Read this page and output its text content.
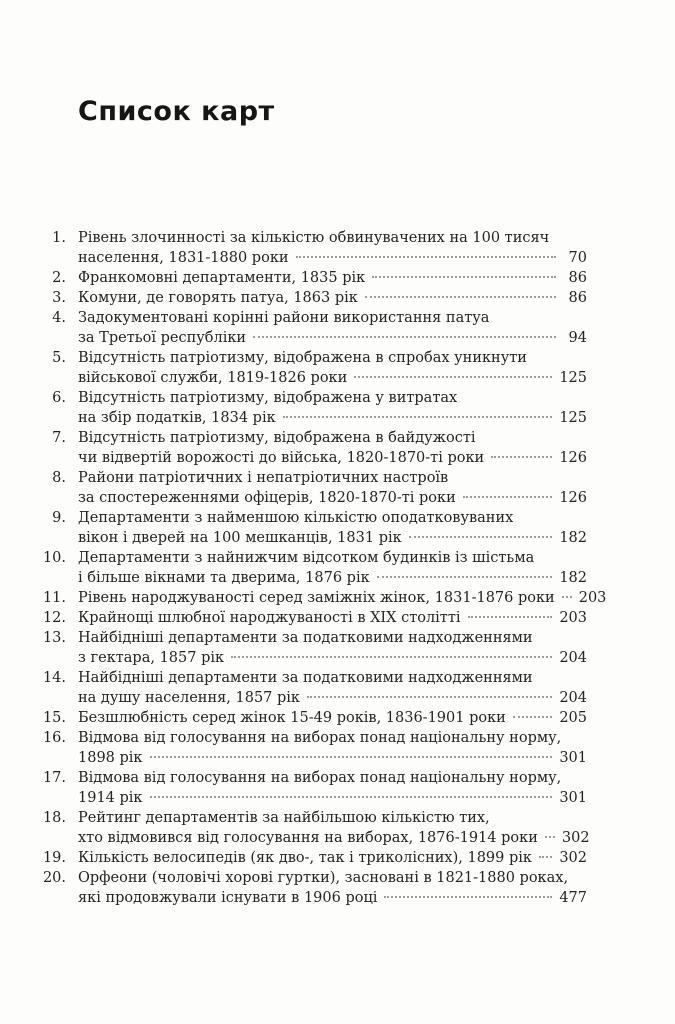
Список карт
1. Рівень злочинності за кількістю обвинувачених на 100 тисяч
населення, 1831-1880 роки	70
2. Франкомовні департаменти, 1835 рік	86
3. Комуни, де говорять патуа, 1863 рік	86
4. Задокументовані корінні райони використання патуа
за Третьої республіки	94
5. Відсутність патріотизму, відображена в спробах уникнути
військової служби, 1819-1826 роки	125
6. Відсутність патріотизму, відображена у витратах
на збір податків, 1834 рік	125
7. Відсутність патріотизму, відображена в байдужості
чи відвертій ворожості до війська, 1820-1870-ті роки	126
8. Райони патріотичних і непатріотичних настроїв
за спостереженнями офіцерів, 1820-1870-ті роки	126
9. Департаменти з найменшою кількістю оподатковуваних
вікон і дверей на 100 мешканців, 1831 рік	182
10. Департаменти з найнижчим відсотком будинків із шістьма
і більше вікнами та дверима, 1876 рік	182
11. Рівень народжуваності серед заміжніх жінок, 1831-1876 роки 203
12. Крайнощі шлюбної народжуваності в XIX столітті	203
13. Найбідніші департаменти за податковими надходженнями
з гектара, 1857 рік	204
14. Найбідніші департаменти за податковими надходженнями
на душу населення, 1857 рік	204
15. Безшлюбність серед жінок 15-49 років, 1836-1901 роки	205
16. Відмова від голосування на виборах понад національну норму,
1898 рік	301
17. Відмова від голосування на виборах понад національну норму,
1914 рік	301
18. Рейтинг департаментів за найбільшою кількістю тих,
хто відмовився від голосування на виборах, 1876-1914 роки 302
19. Кількість велосипедів (як дво-, так і триколісних), 1899 рік 302
20. Орфеони (чоловічі хорові гуртки), засновані в 1821-1880 роках,
які продовжували існувати в 1906 році	477
